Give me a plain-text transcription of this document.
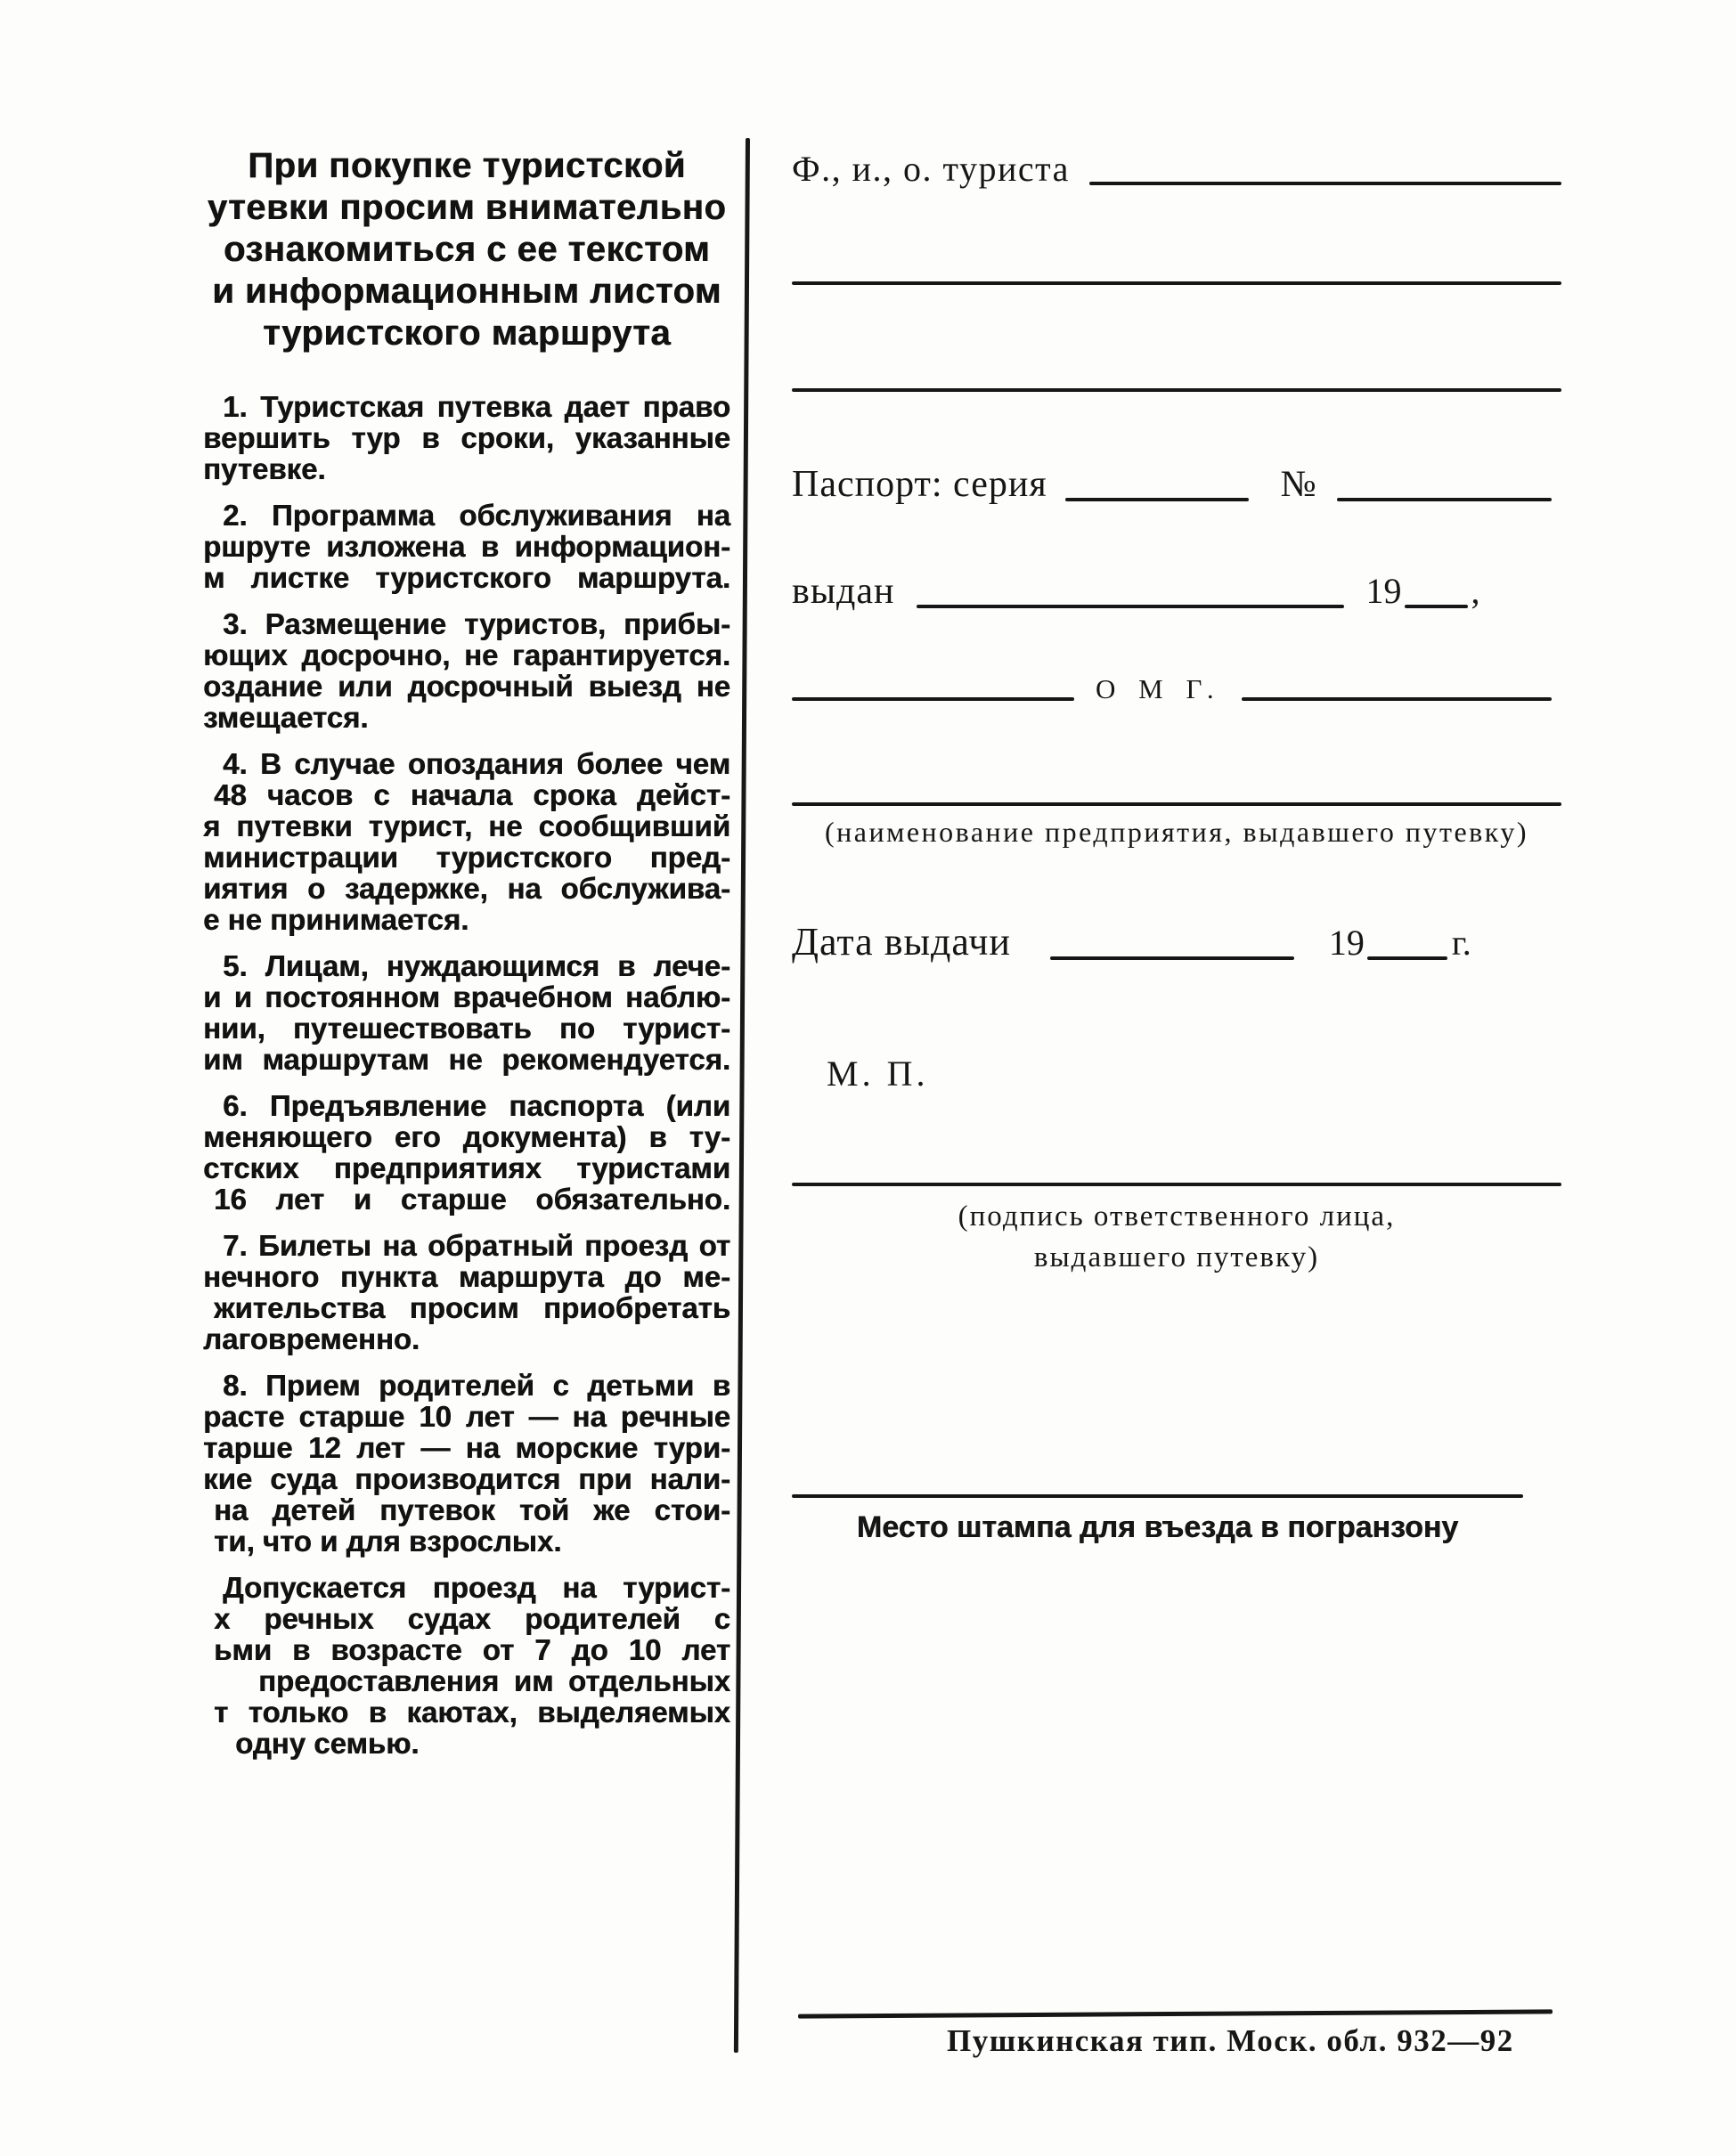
При покупке туристской
утевки просим внимательно
ознакомиться с ее текстом
и информационным листом
туристского маршрута
1. Туристская путевка дает право
вершить тур в сроки, указанные
путевке.
2. Программа обслуживания на
ршруте изложена в информацион-
м листке туристского маршрута.
3. Размещение туристов, прибы-
ющих досрочно, не гарантируется.
оздание или досрочный выезд не
змещается.
4. В случае опоздания более чем
48 часов с начала срока дейст-
я путевки турист, не сообщивший
министрации туристского пред-
иятия о задержке, на обслужива-
е не принимается.
5. Лицам, нуждающимся в лече-
и и постоянном врачебном наблю-
нии, путешествовать по турист-
им маршрутам не рекомендуется.
6. Предъявление паспорта (или
меняющего его документа) в ту-
стских предприятиях туристами
16 лет и старше обязательно.
7. Билеты на обратный проезд от
нечного пункта маршрута до ме-
жительства просим приобретать
лаговременно.
8. Прием родителей с детьми в
расте старше 10 лет — на речные
тарше 12 лет — на морские тури-
кие суда производится при нали-
на детей путевок той же стои-
ти, что и для взрослых.
Допускается проезд на турист-
х речных судах родителей с
ьми в возрасте от 7 до 10 лет
предоставления им отдельных
т только в каютах, выделяемых
одну семью.
Ф., и., о. туриста
Паспорт: серия	№
выдан	19 ,
О М Г.
(наименование предприятия, выдавшего путевку)
Дата выдачи	19 г.
М. П.
(подпись ответственного лица,
выдавшего путевку)
Место штампа для въезда в погранзону
Пушкинская тип. Моск. обл. 932—92
